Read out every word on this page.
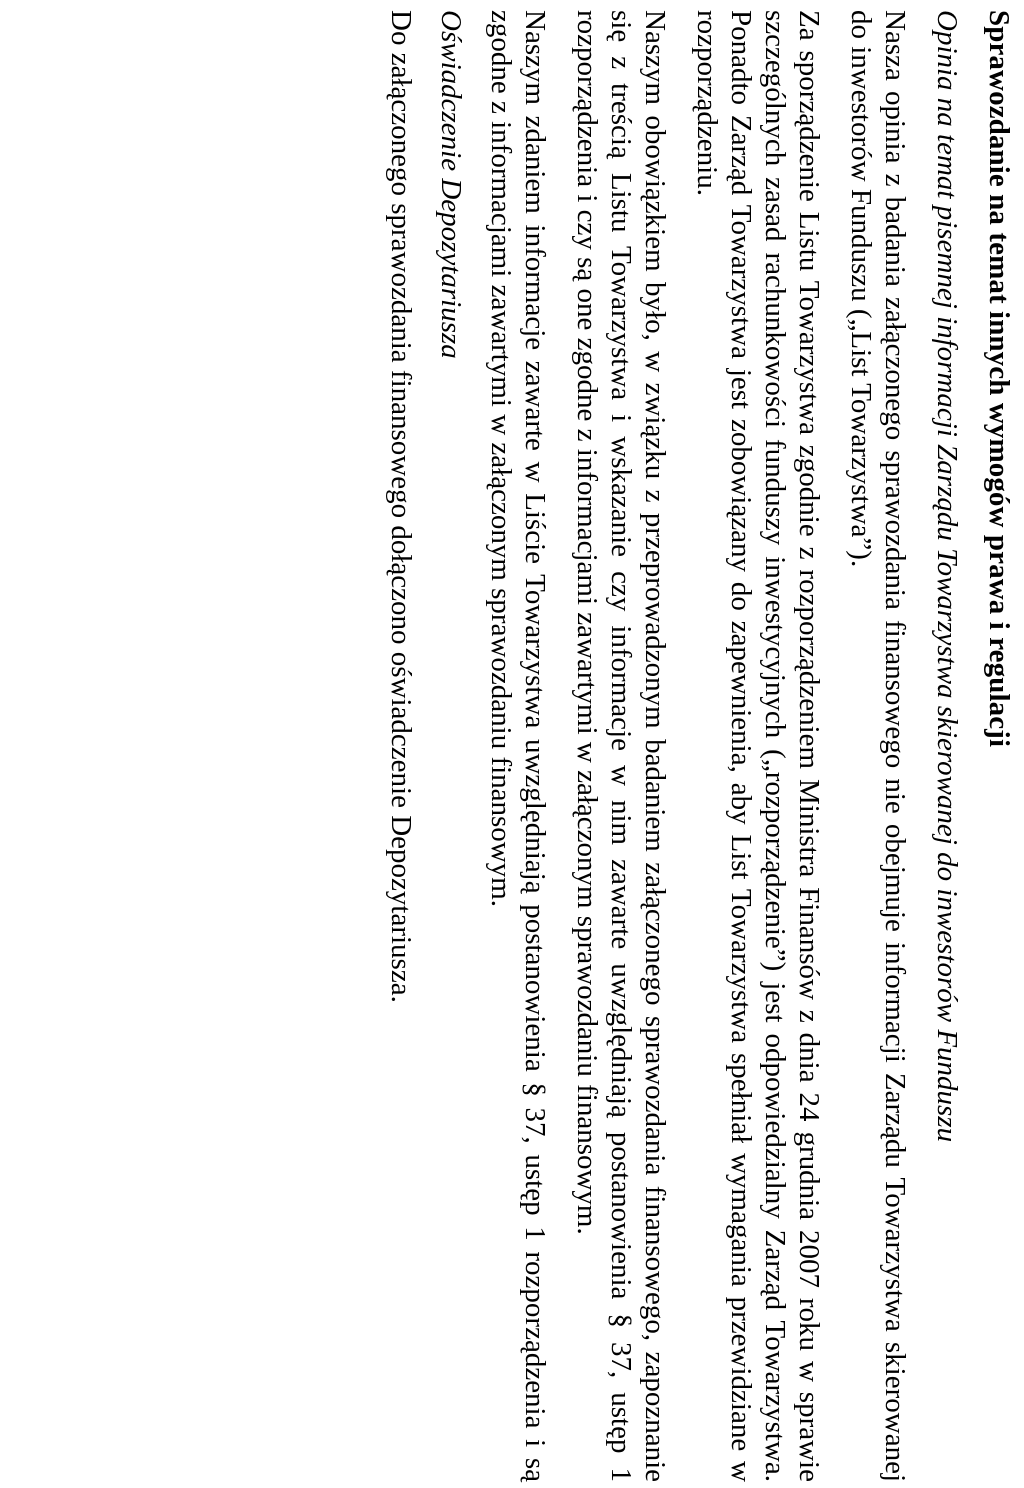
Sprawozdanie na temat innych wymogów prawa i regulacji
Opinia na temat pisemnej informacji Zarządu Towarzystwa skierowanej do inwestorów Funduszu
Nasza opinia z badania załączonego sprawozdania finansowego nie obejmuje informacji Zarządu Towarzystwa skierowanej do inwestorów Funduszu („List Towarzystwa”).
Za sporządzenie Listu Towarzystwa zgodnie z rozporządzeniem Ministra Finansów z dnia 24 grudnia 2007 roku w sprawie szczególnych zasad rachunkowości funduszy inwestycyjnych („rozporządzenie”) jest odpowiedzialny Zarząd Towarzystwa. Ponadto Zarząd Towarzystwa jest zobowiązany do zapewnienia, aby List Towarzystwa spełniał wymagania przewidziane w rozporządzeniu.
Naszym obowiązkiem było, w związku z przeprowadzonym badaniem załączonego sprawozdania finansowego, zapoznanie się z treścią Listu Towarzystwa i wskazanie czy informacje w nim zawarte uwzględniają postanowienia § 37, ustęp 1 rozporządzenia i czy są one zgodne z informacjami zawartymi w załączonym sprawozdaniu finansowym.
Naszym zdaniem informacje zawarte w Liście Towarzystwa uwzględniają postanowienia § 37, ustęp 1 rozporządzenia i są zgodne z informacjami zawartymi w załączonym sprawozdaniu finansowym.
Oświadczenie Depozytariusza
Do załączonego sprawozdania finansowego dołączono oświadczenie Depozytariusza.
